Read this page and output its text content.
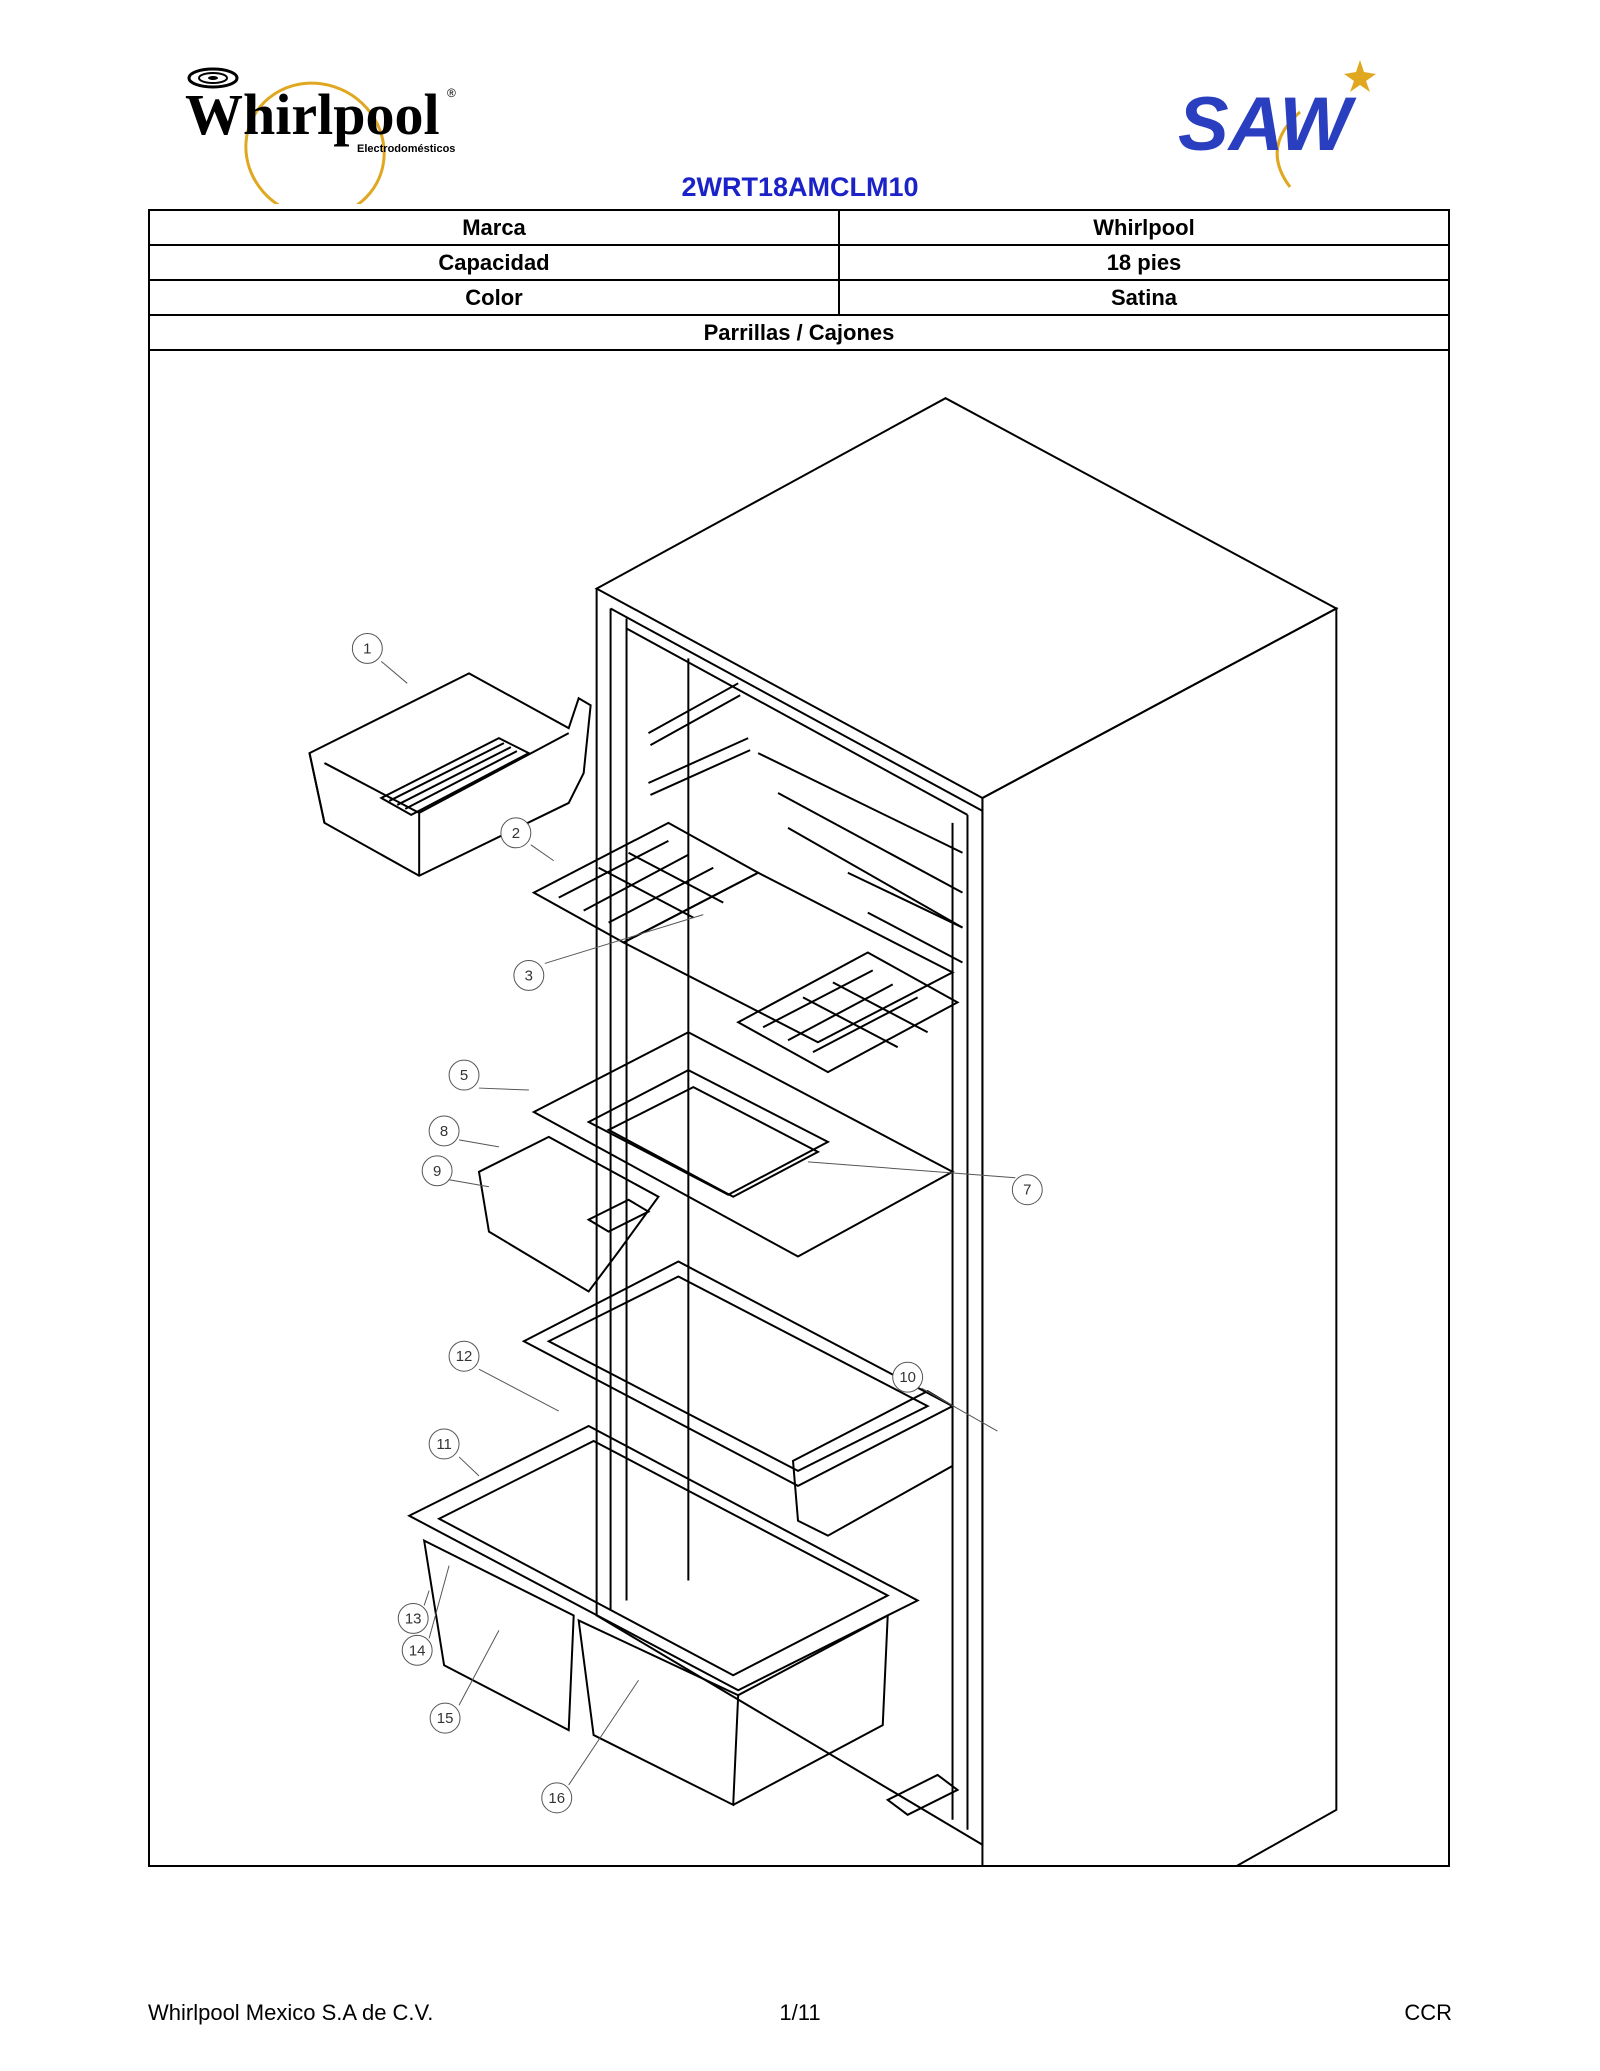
Whirlpool ®
Electrodomésticos	SAW
2WRT18AMCLM10
Marca	Whirlpool
Capacidad	18 pies
Color	Satina
Parrillas / Cajones
1
2
3
5
8
9
7
12
10
11
13
14
15
16
Whirlpool Mexico S.A de C.V.	1/11	CCR
